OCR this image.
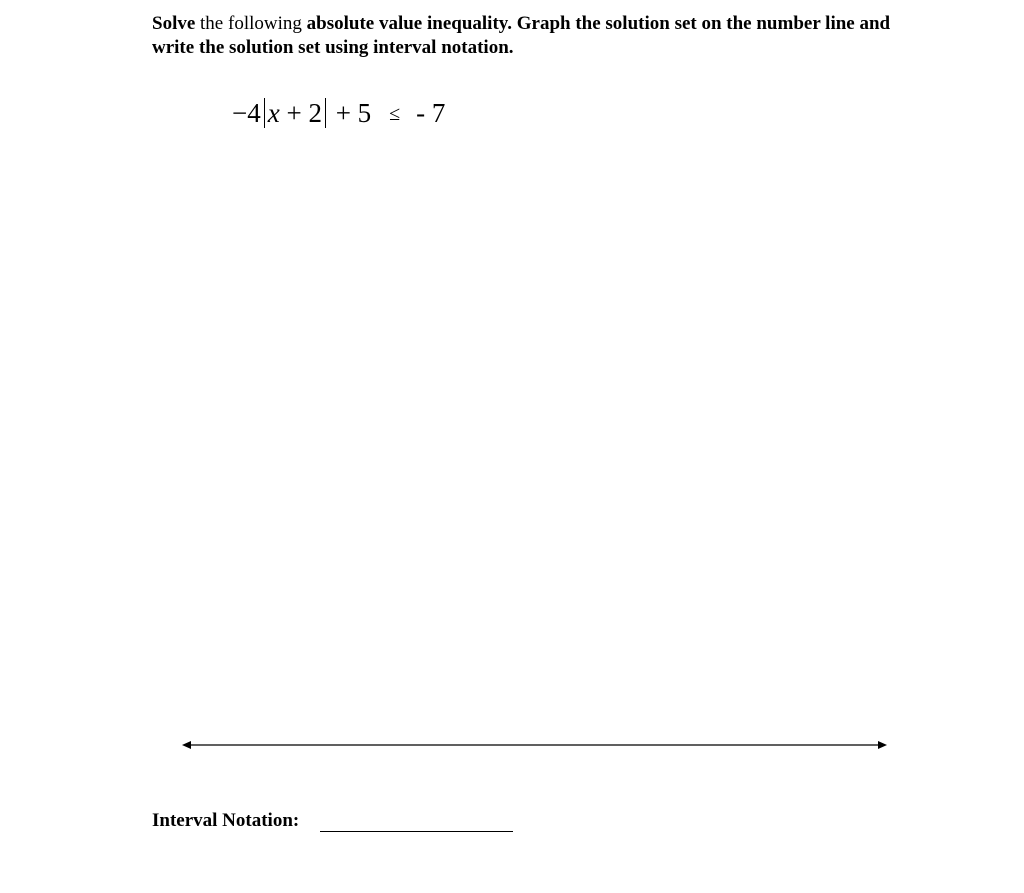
Solve the following absolute value inequality. Graph the solution set on the number line and write the solution set using interval notation.
−4 x + 2 + 5 ≤ - 7
Interval Notation:
